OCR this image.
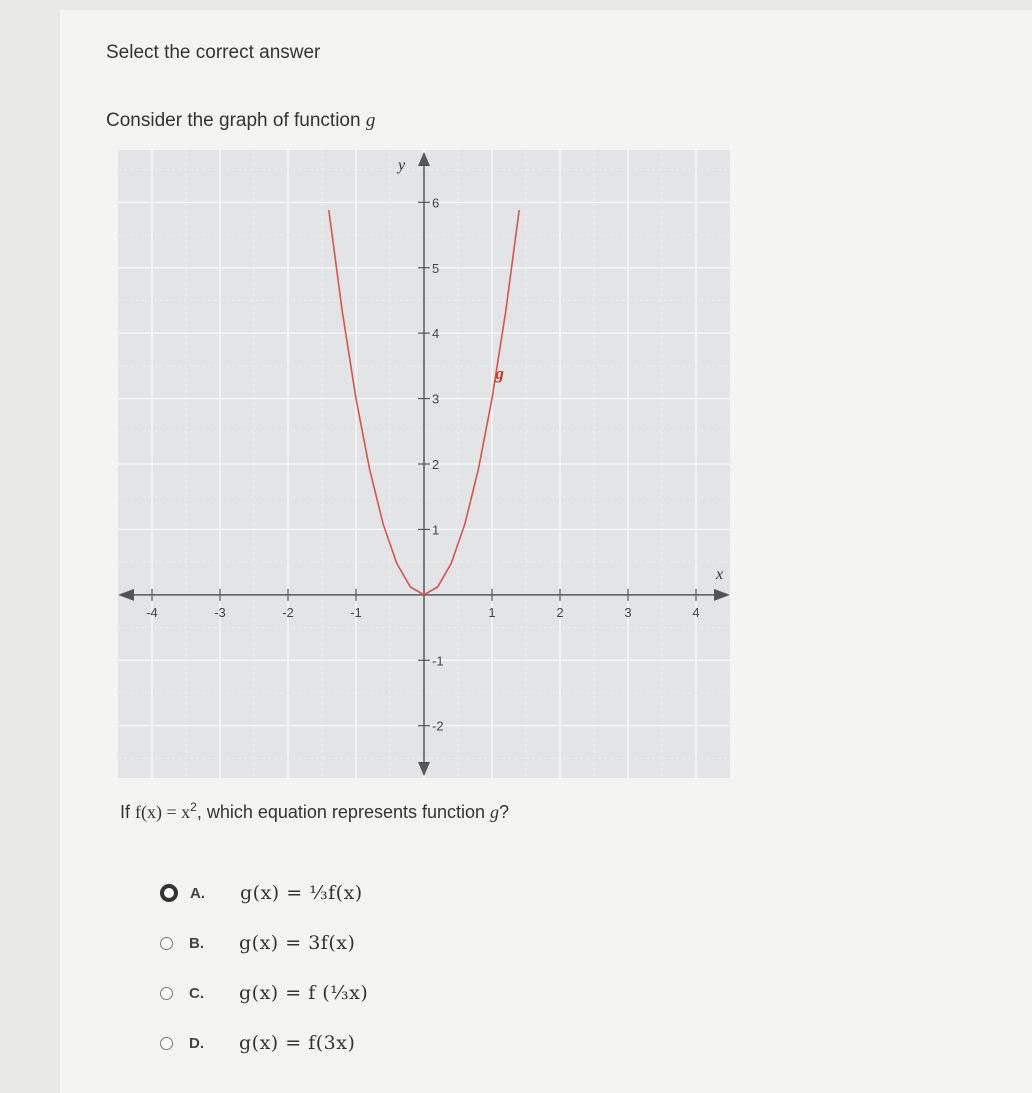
Select the correct answer
Consider the graph of function g
-4	-3	-2	-1	1	2	3	4
-2
-1
1
2
3
4
5
6
x
y
g
If $f(x) = x^2$, which equation represents function g?
A.	g(x) = ⅓f(x)
B.	g(x) = 3f(x)
C.	g(x) = f (⅓x)
D.	g(x) = f(3x)
